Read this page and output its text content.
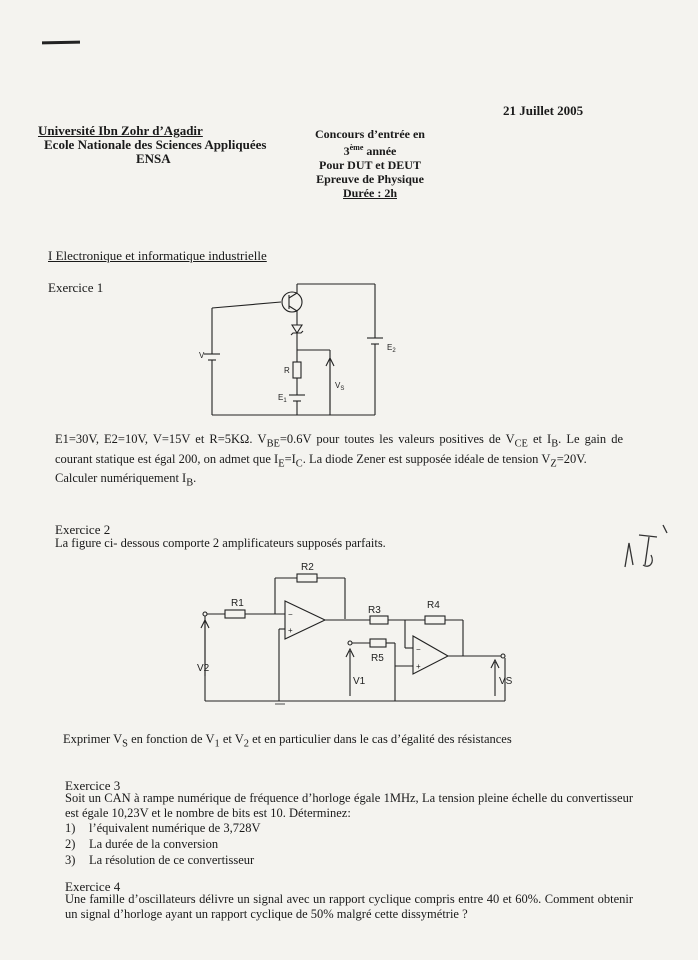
21 Juillet 2005
Université Ibn Zohr d’Agadir
Ecole Nationale des Sciences Appliquées
ENSA
Concours d’entrée en
3ème année
Pour DUT et DEUT
Epreuve de Physique
Durée : 2h
I Electronique et informatique industrielle
Exercice 1
V
R
$E_1$
$E_2$
$V_S$
E1=30V, E2=10V, V=15V et R=5KΩ. $V_{BE}=0.6V$ pour toutes les valeurs positives de $V_{CE}$ et $I_B$. Le gain de courant statique est égal 200, on admet que $I_E=I_C$. La diode Zener est supposée idéale de tension $V_Z=20V$.
Calculer numériquement $I_B$.
Exercice 2
La figure ci- dessous comporte 2 amplificateurs supposés parfaits.
−
+
−
+
R1
R2
R3	R4
R5
V1
V2
VS
Exprimer $V_S$ en fonction de $V_1$ et $V_2$ et en particulier dans le cas d’égalité des résistances
Exercice 3
Soit un CAN à rampe numérique de fréquence d’horloge égale 1MHz, La tension pleine échelle du convertisseur est égale 10,23V et le nombre de bits est 10. Déterminez:
1) l’équivalent numérique de 3,728V
2) La durée de la conversion
3) La résolution de ce convertisseur
Exercice 4
Une famille d’oscillateurs délivre un signal avec un rapport cyclique compris entre 40 et 60%. Comment obtenir un signal d’horloge ayant un rapport cyclique de 50% malgré cette dissymétrie ?
